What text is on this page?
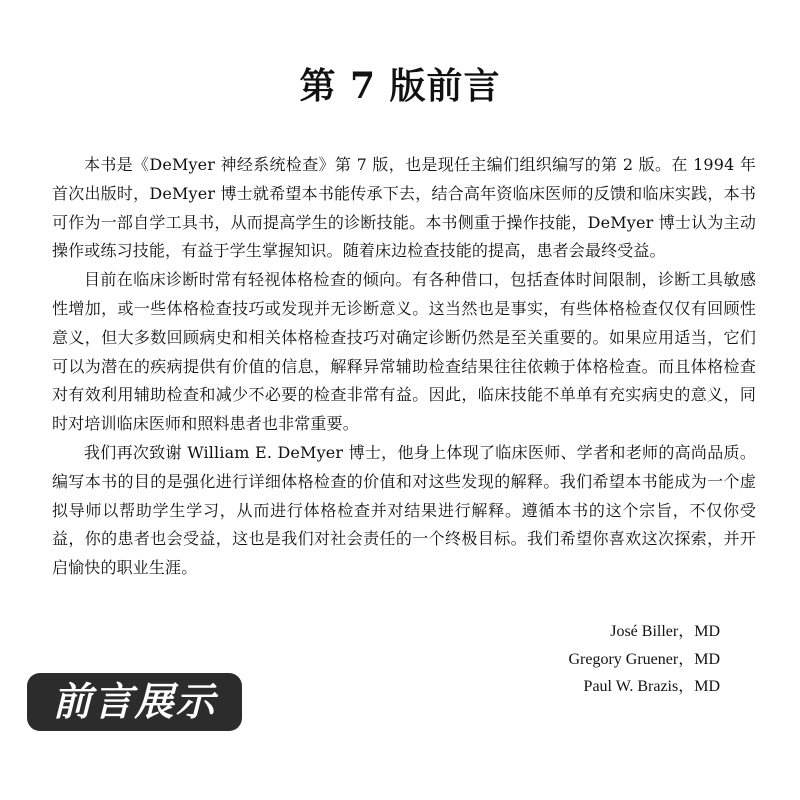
第 7 版前言

本书是《DeMyer 神经系统检查》第 7 版，也是现任主编们组织编写的第 2 版。在 1994 年首次出版时，DeMyer 博士就希望本书能传承下去，结合高年资临床医师的反馈和临床实践，本书可作为一部自学工具书，从而提高学生的诊断技能。本书侧重于操作技能，DeMyer 博士认为主动操作或练习技能，有益于学生掌握知识。随着床边检查技能的提高，患者会最终受益。

目前在临床诊断时常有轻视体格检查的倾向。有各种借口，包括查体时间限制，诊断工具敏感性增加，或一些体格检查技巧或发现并无诊断意义。这当然也是事实，有些体格检查仅仅有回顾性意义，但大多数回顾病史和相关体格检查技巧对确定诊断仍然是至关重要的。如果应用适当，它们可以为潜在的疾病提供有价值的信息，解释异常辅助检查结果往往依赖于体格检查。而且体格检查对有效利用辅助检查和减少不必要的检查非常有益。因此，临床技能不单单有充实病史的意义，同时对培训临床医师和照料患者也非常重要。

我们再次致谢 William E. DeMyer 博士，他身上体现了临床医师、学者和老师的高尚品质。编写本书的目的是强化进行详细体格检查的价值和对这些发现的解释。我们希望本书能成为一个虚拟导师以帮助学生学习，从而进行体格检查并对结果进行解释。遵循本书的这个宗旨，不仅你受益，你的患者也会受益，这也是我们对社会责任的一个终极目标。我们希望你喜欢这次探索，并开启愉快的职业生涯。

José Biller，MD
Gregory Gruener，MD
Paul W. Brazis，MD
前言展示
